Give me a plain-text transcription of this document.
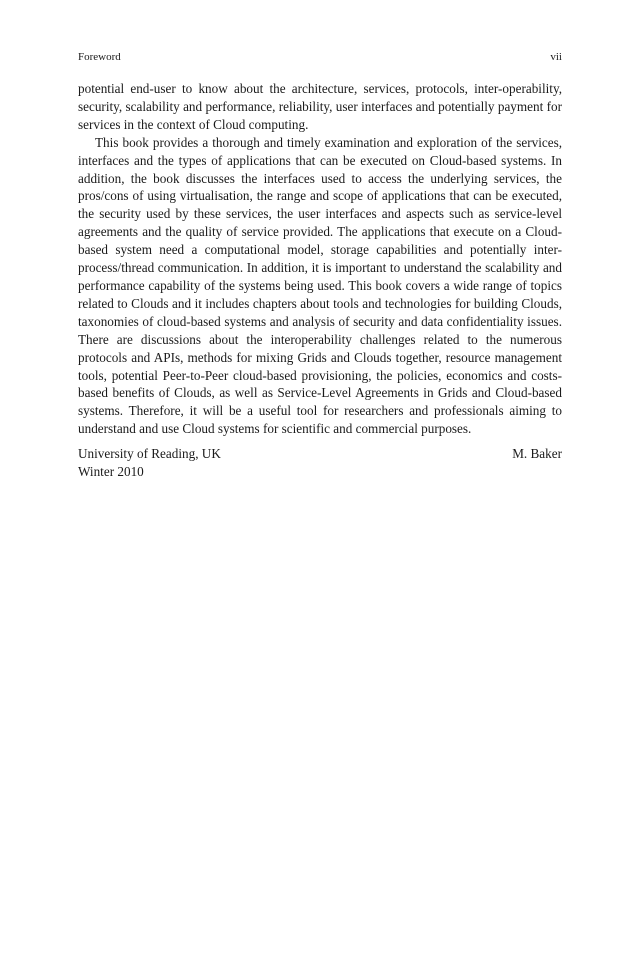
Foreword	vii

potential end-user to know about the architecture, services, protocols, inter-operability, security, scalability and performance, reliability, user interfaces and potentially payment for services in the context of Cloud computing.

This book provides a thorough and timely examination and exploration of the services, interfaces and the types of applications that can be executed on Cloud-based systems. In addition, the book discusses the interfaces used to access the underlying services, the pros/cons of using virtualisation, the range and scope of applications that can be executed, the security used by these services, the user interfaces and aspects such as service-level agreements and the quality of service provided. The applications that execute on a Cloud-based system need a computational model, storage capabilities and potentially inter-process/thread communication. In addition, it is important to understand the scalability and performance capability of the systems being used. This book covers a wide range of topics related to Clouds and it includes chapters about tools and technologies for building Clouds, taxonomies of cloud-based systems and analysis of security and data confidentiality issues. There are discussions about the interoperability challenges related to the numerous protocols and APIs, methods for mixing Grids and Clouds together, resource management tools, potential Peer-to-Peer cloud-based provisioning, the policies, economics and costs-based benefits of Clouds, as well as Service-Level Agreements in Grids and Cloud-based systems. Therefore, it will be a useful tool for researchers and professionals aiming to understand and use Cloud systems for scientific and commercial purposes.

University of Reading, UK	M. Baker
Winter 2010
